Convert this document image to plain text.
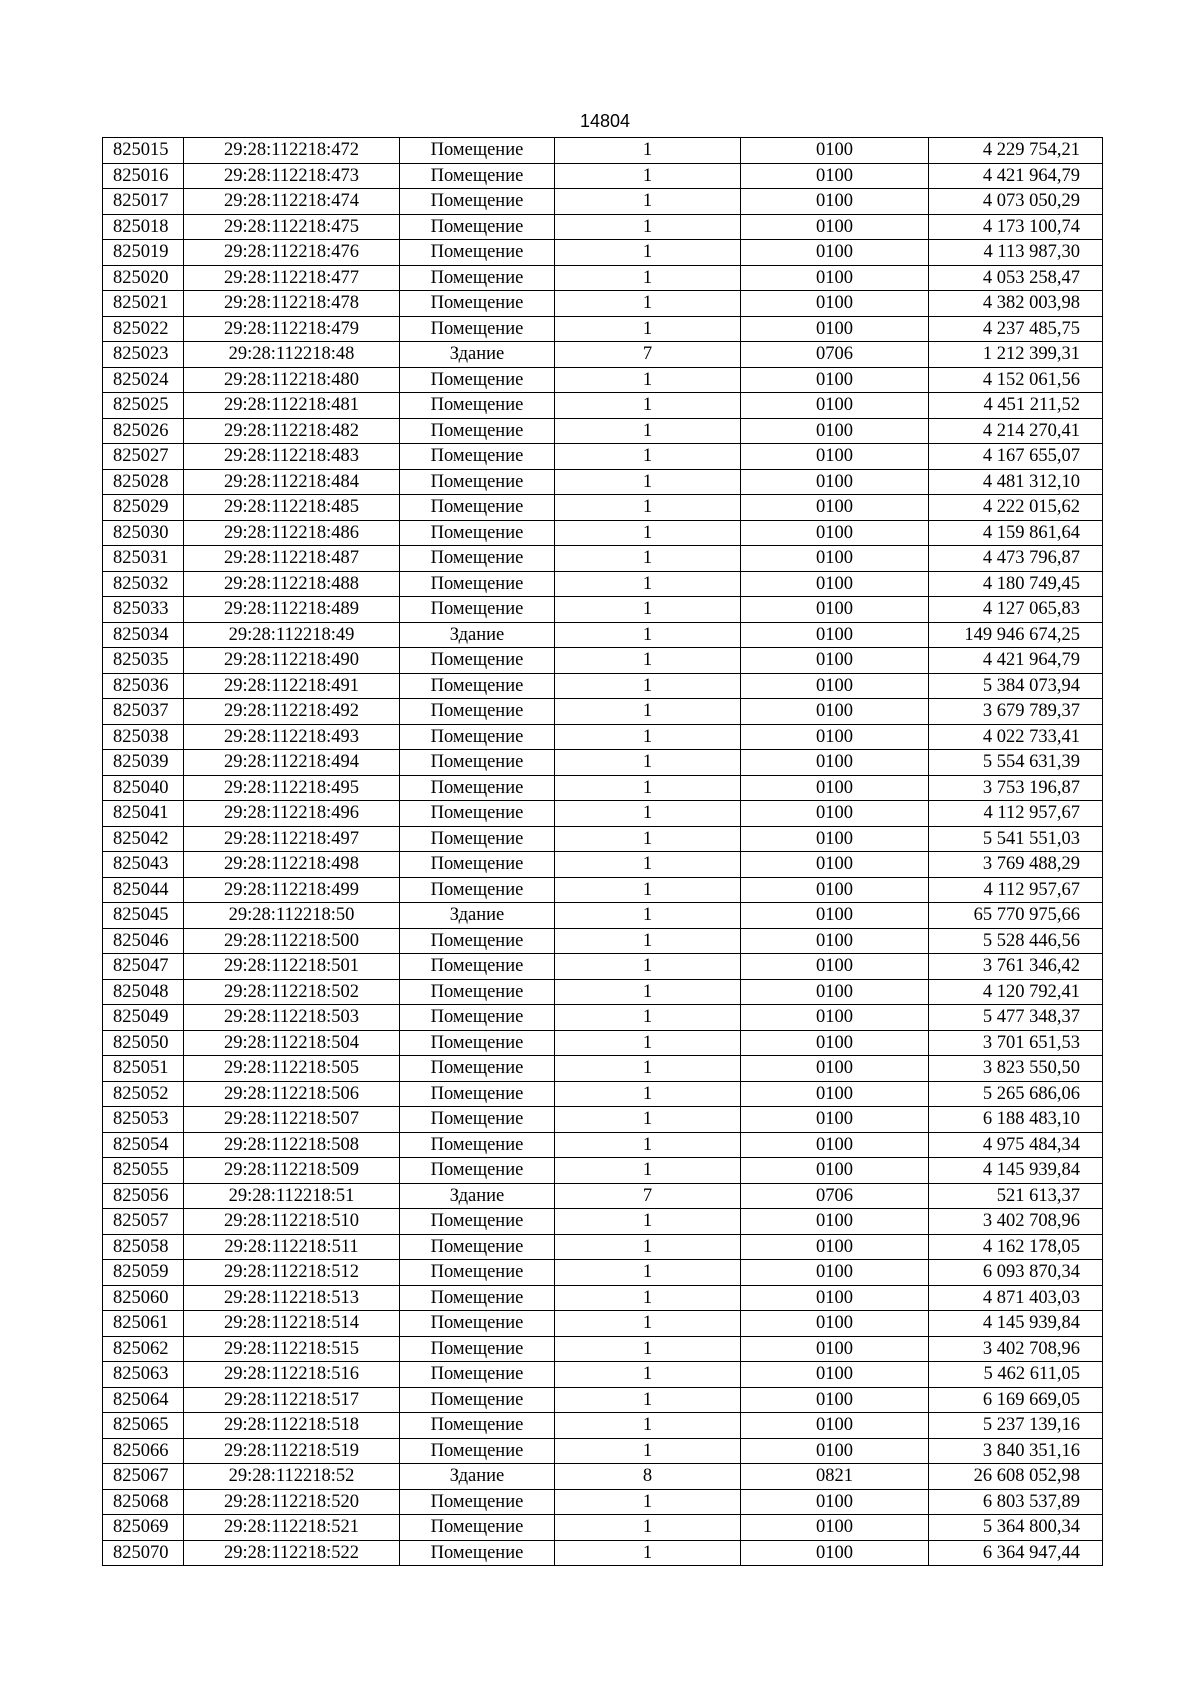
14804
825015	29:28:112218:472	Помещение	1	0100	4 229 754,21
825016	29:28:112218:473	Помещение	1	0100	4 421 964,79
825017	29:28:112218:474	Помещение	1	0100	4 073 050,29
825018	29:28:112218:475	Помещение	1	0100	4 173 100,74
825019	29:28:112218:476	Помещение	1	0100	4 113 987,30
825020	29:28:112218:477	Помещение	1	0100	4 053 258,47
825021	29:28:112218:478	Помещение	1	0100	4 382 003,98
825022	29:28:112218:479	Помещение	1	0100	4 237 485,75
825023	29:28:112218:48	Здание	7	0706	1 212 399,31
825024	29:28:112218:480	Помещение	1	0100	4 152 061,56
825025	29:28:112218:481	Помещение	1	0100	4 451 211,52
825026	29:28:112218:482	Помещение	1	0100	4 214 270,41
825027	29:28:112218:483	Помещение	1	0100	4 167 655,07
825028	29:28:112218:484	Помещение	1	0100	4 481 312,10
825029	29:28:112218:485	Помещение	1	0100	4 222 015,62
825030	29:28:112218:486	Помещение	1	0100	4 159 861,64
825031	29:28:112218:487	Помещение	1	0100	4 473 796,87
825032	29:28:112218:488	Помещение	1	0100	4 180 749,45
825033	29:28:112218:489	Помещение	1	0100	4 127 065,83
825034	29:28:112218:49	Здание	1	0100	149 946 674,25
825035	29:28:112218:490	Помещение	1	0100	4 421 964,79
825036	29:28:112218:491	Помещение	1	0100	5 384 073,94
825037	29:28:112218:492	Помещение	1	0100	3 679 789,37
825038	29:28:112218:493	Помещение	1	0100	4 022 733,41
825039	29:28:112218:494	Помещение	1	0100	5 554 631,39
825040	29:28:112218:495	Помещение	1	0100	3 753 196,87
825041	29:28:112218:496	Помещение	1	0100	4 112 957,67
825042	29:28:112218:497	Помещение	1	0100	5 541 551,03
825043	29:28:112218:498	Помещение	1	0100	3 769 488,29
825044	29:28:112218:499	Помещение	1	0100	4 112 957,67
825045	29:28:112218:50	Здание	1	0100	65 770 975,66
825046	29:28:112218:500	Помещение	1	0100	5 528 446,56
825047	29:28:112218:501	Помещение	1	0100	3 761 346,42
825048	29:28:112218:502	Помещение	1	0100	4 120 792,41
825049	29:28:112218:503	Помещение	1	0100	5 477 348,37
825050	29:28:112218:504	Помещение	1	0100	3 701 651,53
825051	29:28:112218:505	Помещение	1	0100	3 823 550,50
825052	29:28:112218:506	Помещение	1	0100	5 265 686,06
825053	29:28:112218:507	Помещение	1	0100	6 188 483,10
825054	29:28:112218:508	Помещение	1	0100	4 975 484,34
825055	29:28:112218:509	Помещение	1	0100	4 145 939,84
825056	29:28:112218:51	Здание	7	0706	521 613,37
825057	29:28:112218:510	Помещение	1	0100	3 402 708,96
825058	29:28:112218:511	Помещение	1	0100	4 162 178,05
825059	29:28:112218:512	Помещение	1	0100	6 093 870,34
825060	29:28:112218:513	Помещение	1	0100	4 871 403,03
825061	29:28:112218:514	Помещение	1	0100	4 145 939,84
825062	29:28:112218:515	Помещение	1	0100	3 402 708,96
825063	29:28:112218:516	Помещение	1	0100	5 462 611,05
825064	29:28:112218:517	Помещение	1	0100	6 169 669,05
825065	29:28:112218:518	Помещение	1	0100	5 237 139,16
825066	29:28:112218:519	Помещение	1	0100	3 840 351,16
825067	29:28:112218:52	Здание	8	0821	26 608 052,98
825068	29:28:112218:520	Помещение	1	0100	6 803 537,89
825069	29:28:112218:521	Помещение	1	0100	5 364 800,34
825070	29:28:112218:522	Помещение	1	0100	6 364 947,44
